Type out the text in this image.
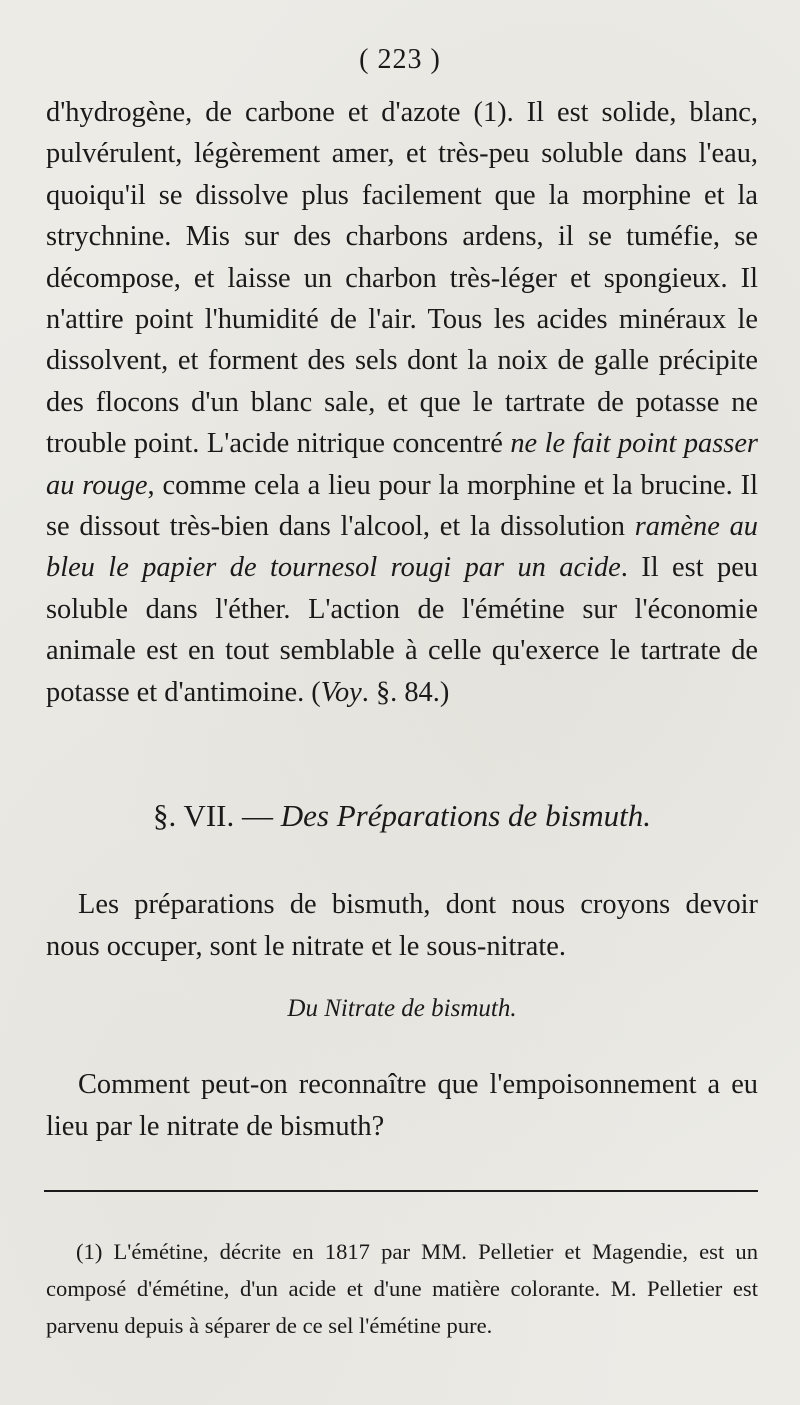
( 223 )

d'hydrogène, de carbone et d'azote (1). Il est solide, blanc, pulvérulent, légèrement amer, et très-peu soluble dans l'eau, quoiqu'il se dissolve plus facilement que la morphine et la strychnine. Mis sur des charbons ardens, il se tuméfie, se décompose, et laisse un charbon très-léger et spongieux. Il n'attire point l'humidité de l'air. Tous les acides minéraux le dissolvent, et forment des sels dont la noix de galle précipite des flocons d'un blanc sale, et que le tartrate de potasse ne trouble point. L'acide nitrique concentré ne le fait point passer au rouge, comme cela a lieu pour la morphine et la brucine. Il se dissout très-bien dans l'alcool, et la dissolution ramène au bleu le papier de tournesol rougi par un acide. Il est peu soluble dans l'éther. L'action de l'émétine sur l'économie animale est en tout semblable à celle qu'exerce le tartrate de potasse et d'antimoine. (Voy. §. 84.)

§. VII. — Des Préparations de bismuth.

Les préparations de bismuth, dont nous croyons devoir nous occuper, sont le nitrate et le sous-nitrate.

Du Nitrate de bismuth.

Comment peut-on reconnaître que l'empoisonnement a eu lieu par le nitrate de bismuth?

(1) L'émétine, décrite en 1817 par MM. Pelletier et Magendie, est un composé d'émétine, d'un acide et d'une matière colorante. M. Pelletier est parvenu depuis à séparer de ce sel l'émétine pure.
